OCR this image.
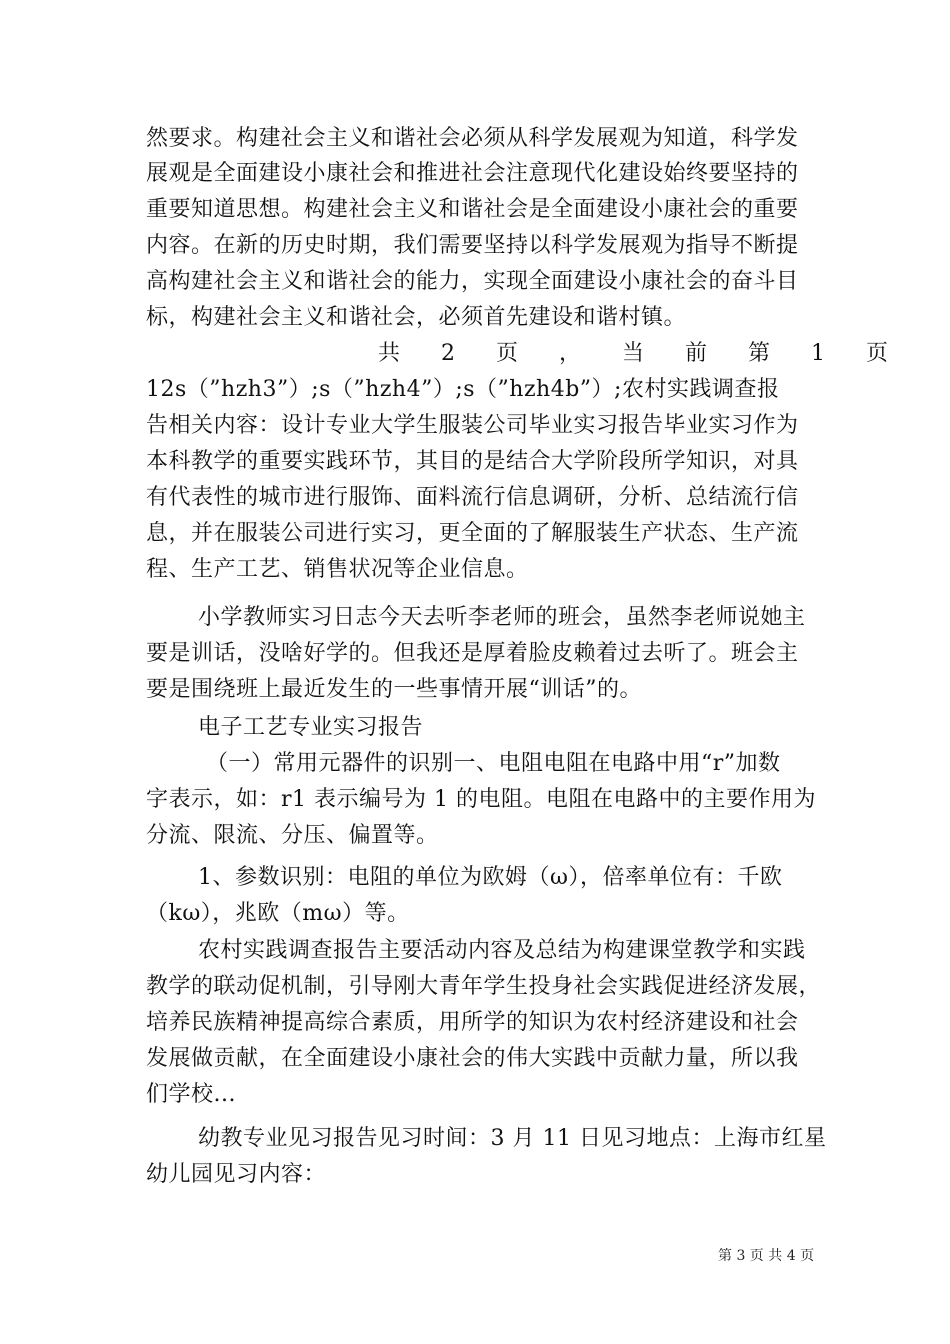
然要求。构建社会主义和谐社会必须从科学发展观为知道，科学发
展观是全面建设小康社会和推进社会注意现代化建设始终要坚持的
重要知道思想。构建社会主义和谐社会是全面建设小康社会的重要
内容。在新的历史时期，我们需要坚持以科学发展观为指导不断提
高构建社会主义和谐社会的能力，实现全面建设小康社会的奋斗目
标，构建社会主义和谐社会，必须首先建设和谐村镇。
共 2 页 ， 当 前 第 1 页
12s（”hzh3”）;s（”hzh4”）;s（”hzh4b”）;农村实践调查报
告相关内容：设计专业大学生服装公司毕业实习报告毕业实习作为
本科教学的重要实践环节，其目的是结合大学阶段所学知识，对具
有代表性的城市进行服饰、面料流行信息调研，分析、总结流行信
息，并在服装公司进行实习，更全面的了解服装生产状态、生产流
程、生产工艺、销售状况等企业信息。
小学教师实习日志今天去听李老师的班会，虽然李老师说她主
要是训话，没啥好学的。但我还是厚着脸皮赖着过去听了。班会主
要是围绕班上最近发生的一些事情开展“训话”的。
电子工艺专业实习报告
（一）常用元器件的识别一、电阻电阻在电路中用“r”加数
字表示，如：r1 表示编号为 1 的电阻。电阻在电路中的主要作用为
分流、限流、分压、偏置等。
1、参数识别：电阻的单位为欧姆（ω），倍率单位有：千欧
（kω），兆欧（mω）等。
农村实践调查报告主要活动内容及总结为构建课堂教学和实践
教学的联动促机制，引导刚大青年学生投身社会实践促进经济发展，
培养民族精神提高综合素质，用所学的知识为农村经济建设和社会
发展做贡献，在全面建设小康社会的伟大实践中贡献力量，所以我
们学校...
幼教专业见习报告见习时间：3 月 11 日见习地点：上海市红星
幼儿园见习内容：
第 3 页 共 4 页
